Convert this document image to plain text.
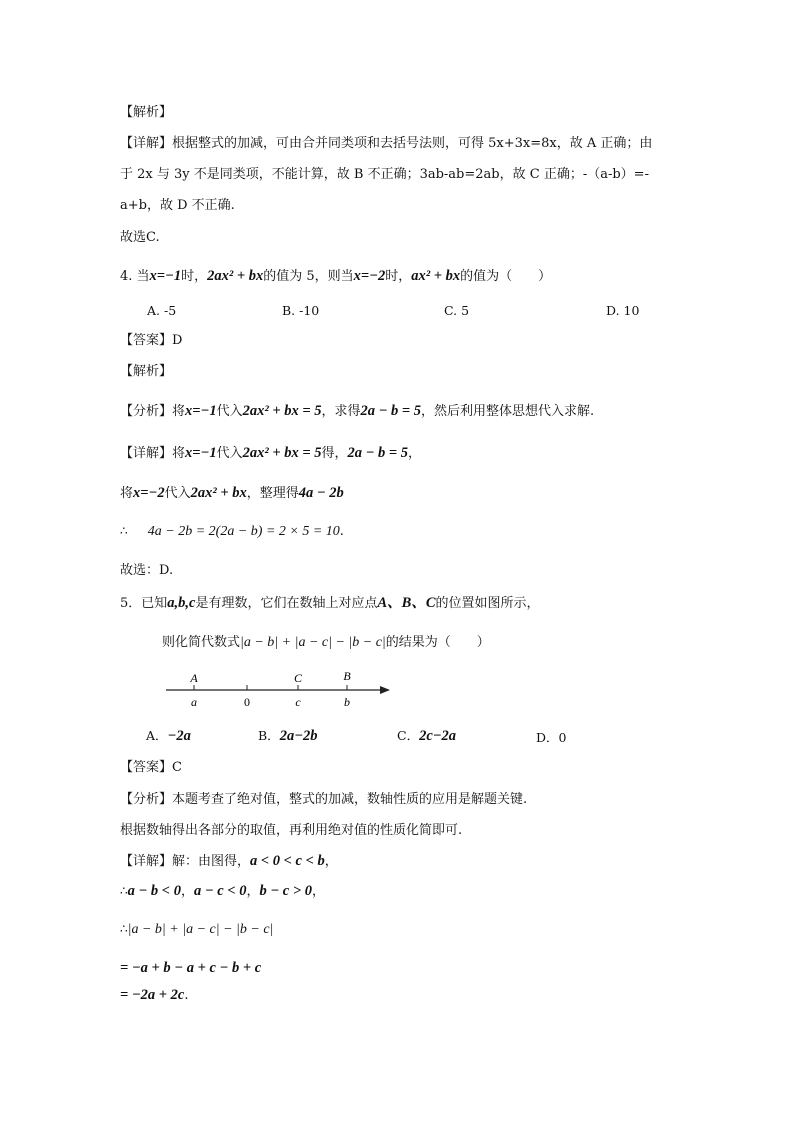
【解析】
【详解】根据整式的加减，可由合并同类项和去括号法则，可得 5x+3x=8x，故 A 正确；由
于 2x 与 3y 不是同类项，不能计算，故 B 不正确；3ab-ab=2ab，故 C 正确；-（a-b）=-
a+b，故 D 不正确.
故选C.
4. 当x=−1时，2ax² + bx的值为 5，则当x=−2时，ax² + bx的值为（　　）
A. -5	B. -10	C. 5	D. 10
【答案】D
【解析】
【分析】将x=−1代入2ax² + bx = 5，求得2a − b = 5，然后利用整体思想代入求解.
【详解】将x=−1代入2ax² + bx = 5得，2a − b = 5，
将x=−2代入2ax² + bx，整理得4a − 2b
∴ 4a − 2b = 2(2a − b) = 2 × 5 = 10.
故选：D.
5．已知a,b,c是有理数，它们在数轴上对应点A、B、C的位置如图所示，
则化简代数式|a − b| + |a − c| − |b − c|的结果为（　　）
A	C	B
a	0	c	b
A．−2a	B．2a−2b	C．2c−2a	D．0
【答案】C
【分析】本题考查了绝对值，整式的加减，数轴性质的应用是解题关键.
根据数轴得出各部分的取值，再利用绝对值的性质化简即可.
【详解】解：由图得，a < 0 < c < b，
∴a − b < 0，a − c < 0，b − c > 0，
∴|a − b| + |a − c| − |b − c|
= −a + b − a + c − b + c
= −2a + 2c.
